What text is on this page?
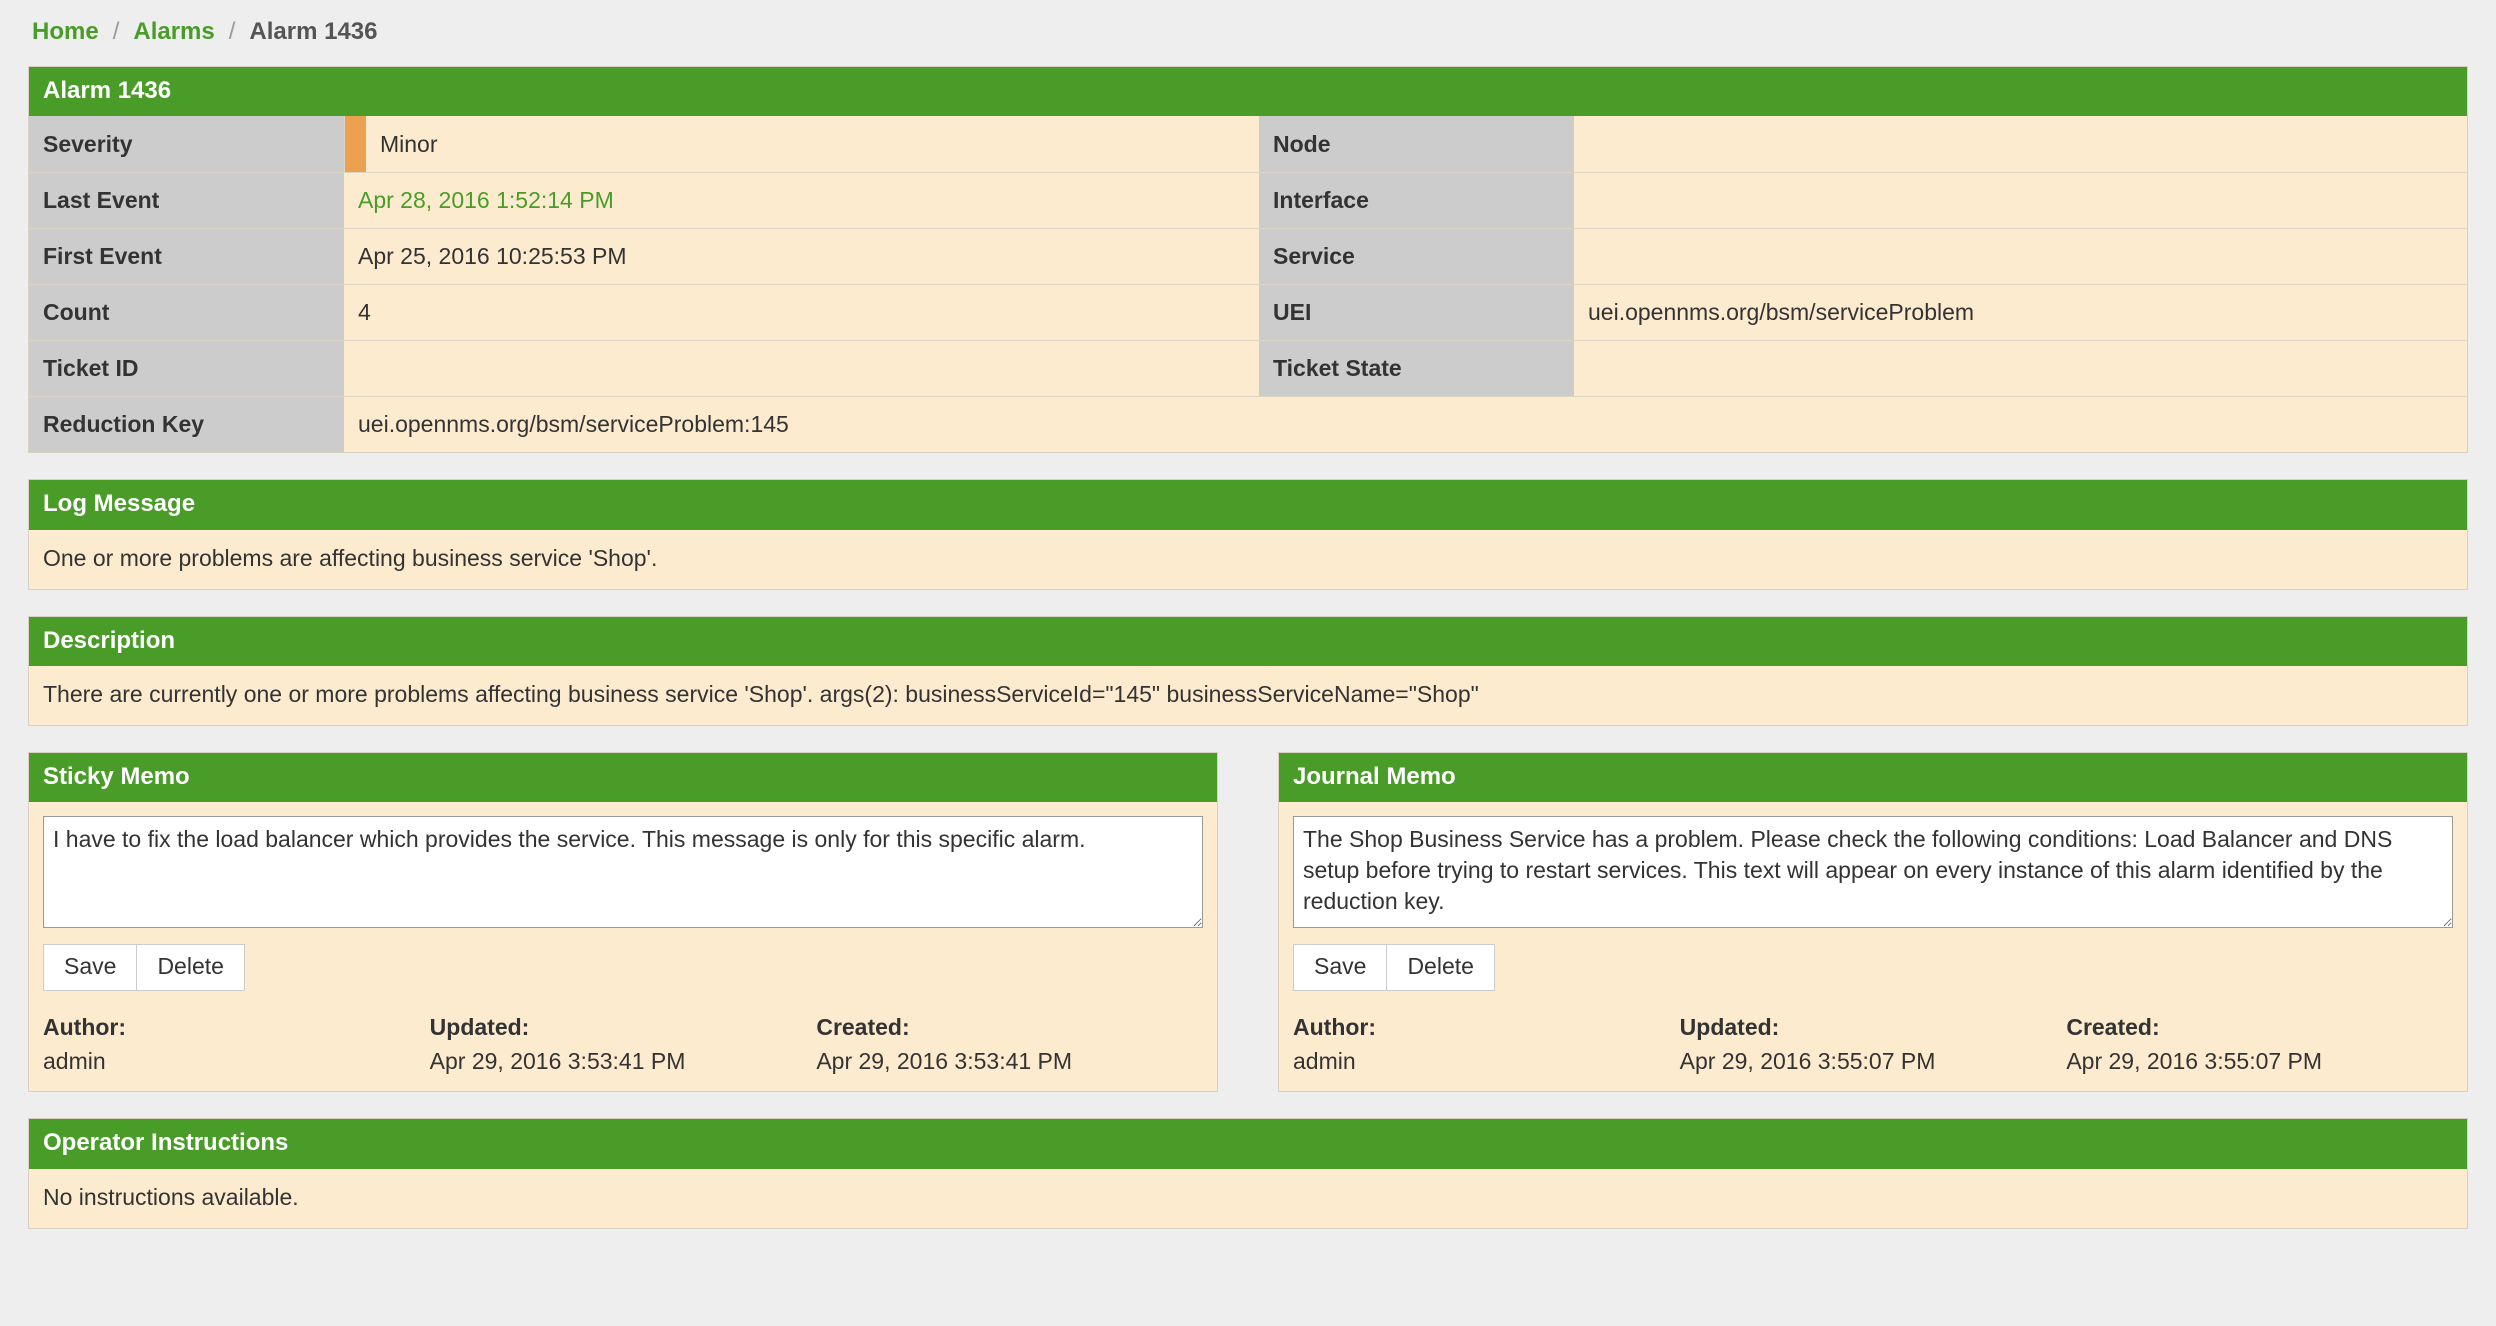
Home / Alarms / Alarm 1436
Alarm 1436
Severity		Minor	Node	
Last Event	Apr 28, 2016 1:52:14 PM		Interface	
First Event	Apr 25, 2016 10:25:53 PM		Service	
Count	4		UEI	uei.opennms.org/bsm/serviceProblem
Ticket ID			Ticket State	
Reduction Key	uei.opennms.org/bsm/serviceProblem:145			
Log Message
One or more problems are affecting business service 'Shop'.
Description
There are currently one or more problems affecting business service 'Shop'. args(2): businessServiceId="145" businessServiceName="Shop"
Sticky Memo
I have to fix the load balancer which provides the service. This message is only for this specific alarm.
Save	Delete
Author:	Updated:	Created:
admin	Apr 29, 2016 3:53:41 PM	Apr 29, 2016 3:53:41 PM
Journal Memo
The Shop Business Service has a problem. Please check the following conditions: Load Balancer and DNS setup before trying to restart services. This text will appear on every instance of this alarm identified by the reduction key.
Save	Delete
Author:	Updated:	Created:
admin	Apr 29, 2016 3:55:07 PM	Apr 29, 2016 3:55:07 PM
Operator Instructions
No instructions available.
